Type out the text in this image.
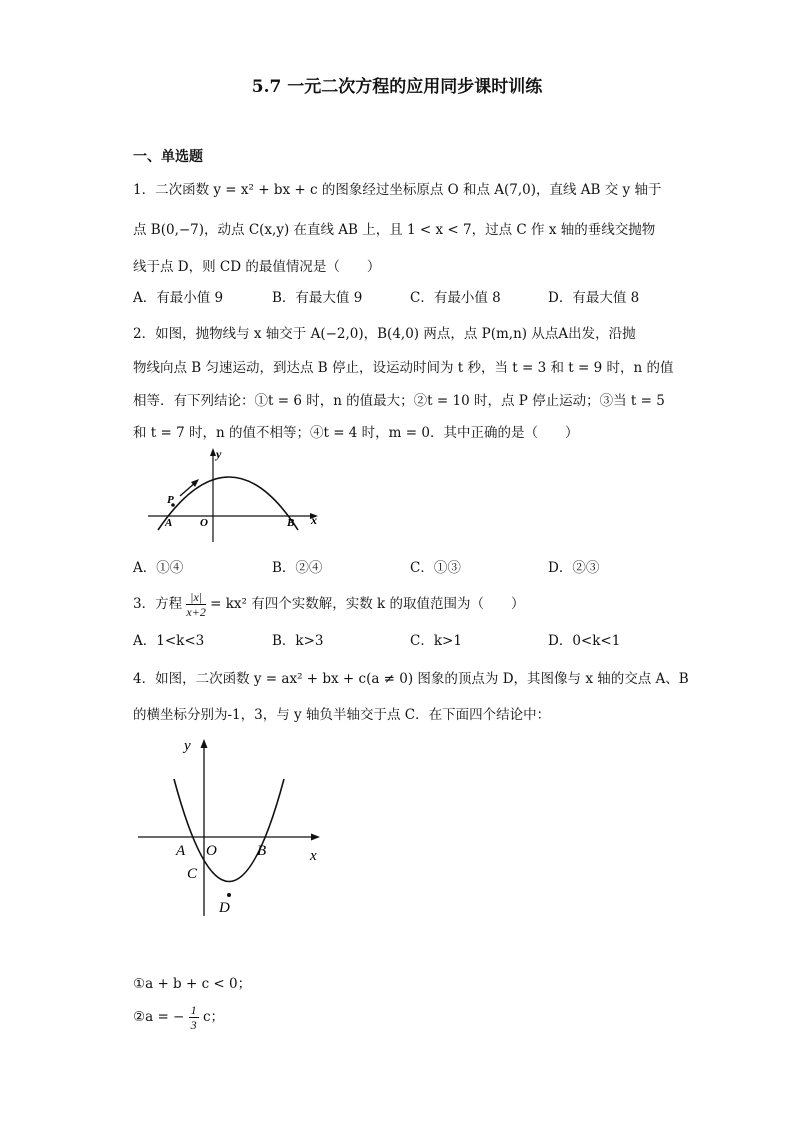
5.7 一元二次方程的应用同步课时训练
一、单选题
1．二次函数 y = x² + bx + c 的图象经过坐标原点 O 和点 A(7,0)，直线 AB 交 y 轴于
点 B(0,−7)，动点 C(x,y) 在直线 AB 上，且 1 < x < 7，过点 C 作 x 轴的垂线交抛物
线于点 D，则 CD 的最值情况是（　　）
A．有最小值 9	B．有最大值 9	C．有最小值 8	D．有最大值 8
2．如图，抛物线与 x 轴交于 A(−2,0)，B(4,0) 两点，点 P(m,n) 从点A出发，沿抛
物线向点 B 匀速运动，到达点 B 停止，设运动时间为 t 秒，当 t = 3 和 t = 9 时，n 的值
相等．有下列结论：①t = 6 时，n 的值最大；②t = 10 时，点 P 停止运动；③当 t = 5
和 t = 7 时，n 的值不相等；④t = 4 时，m = 0．其中正确的是（　　）
y
x
O
A	B
P
A．①④	B．②④	C．①③	D．②③
3．方程 $\frac{|x|}{x+2} = kx^2$ 有四个实数解，实数 k 的取值范围为（　　）
A．1<k<3	B．k>3	C．k>1	D．0<k<1
4．如图，二次函数 y = ax² + bx + c(a ≠ 0) 图象的顶点为 D，其图像与 x 轴的交点 A、B
的横坐标分别为-1，3，与 y 轴负半轴交于点 C．在下面四个结论中：
y
x
A O	B
C
D
①a + b + c < 0；
②a = − $\frac{1}{3}$ c；
